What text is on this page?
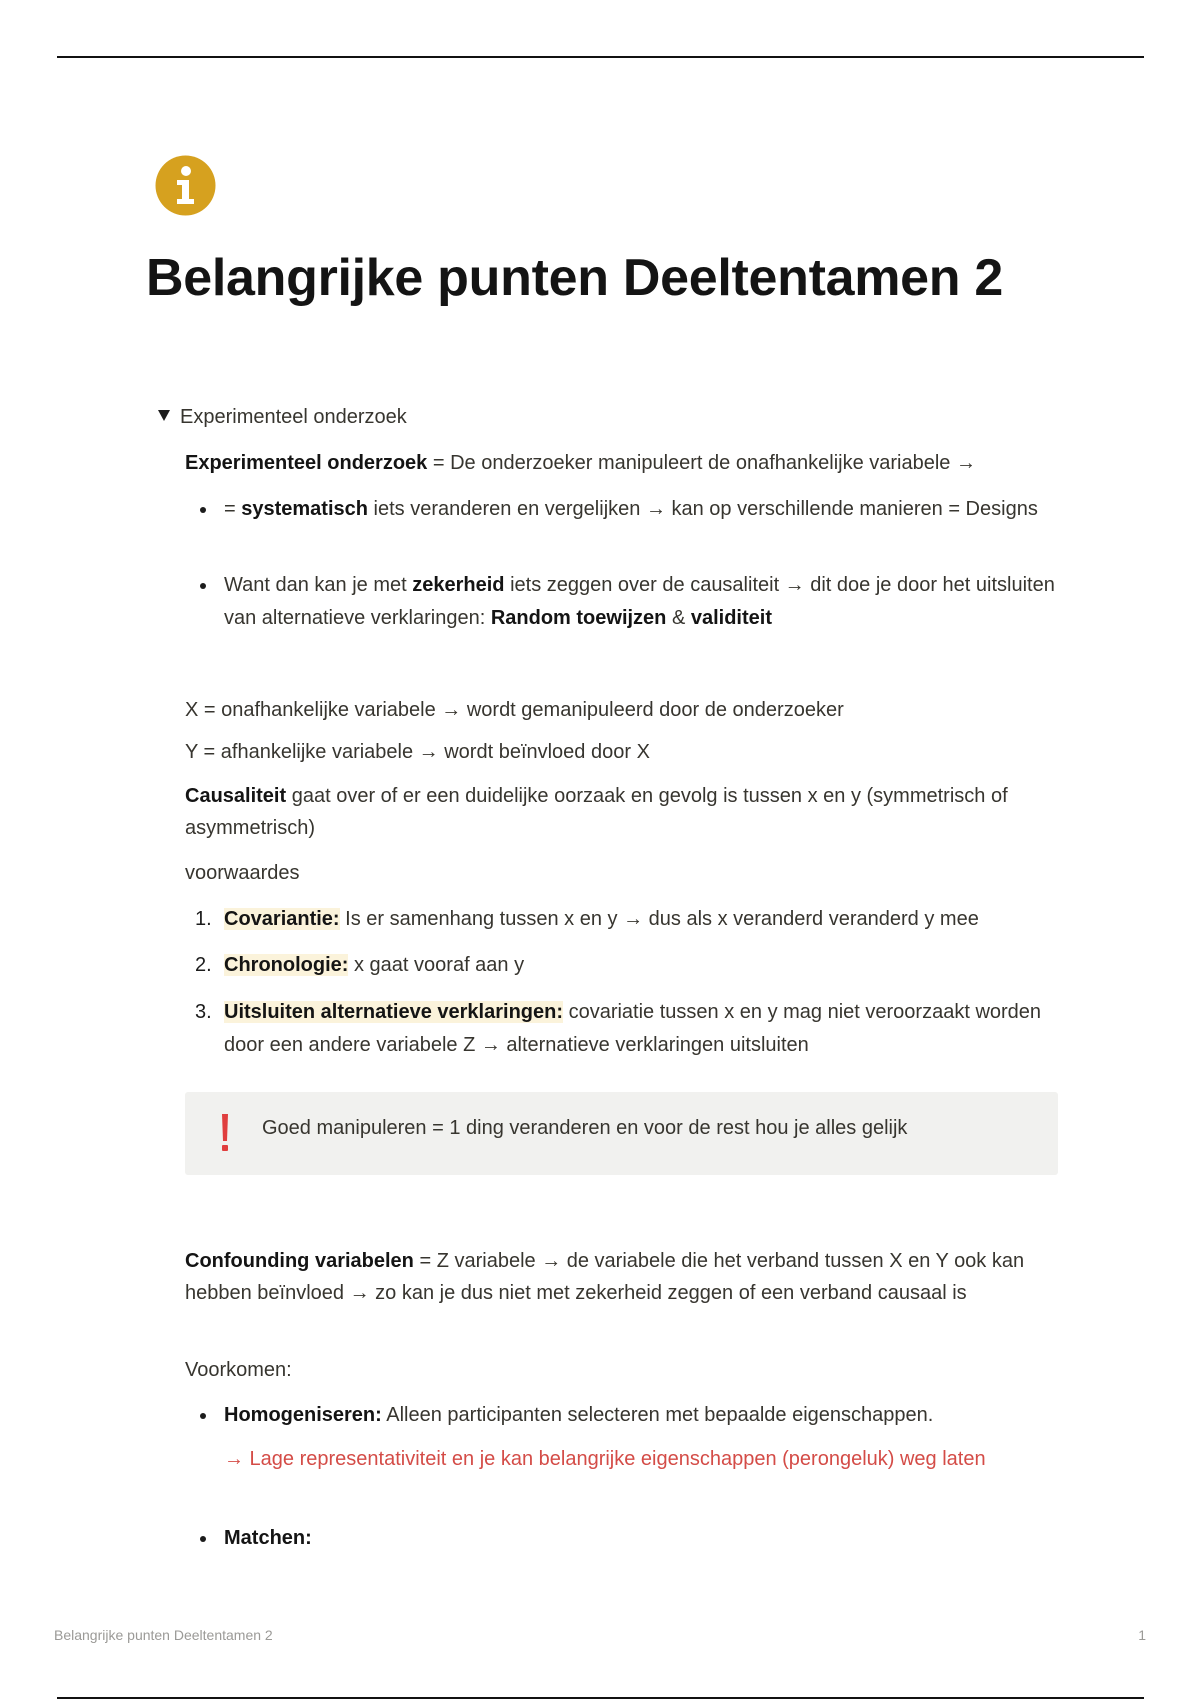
Belangrijke punten Deeltentamen 2
Experimenteel onderzoek
Experimenteel onderzoek = De onderzoeker manipuleert de onafhankelijke variabele →
= systematisch iets veranderen en vergelijken → kan op verschillende manieren = Designs
Want dan kan je met zekerheid iets zeggen over de causaliteit → dit doe je door het uitsluiten van alternatieve verklaringen: Random toewijzen & validiteit
X = onafhankelijke variabele → wordt gemanipuleerd door de onderzoeker
Y = afhankelijke variabele → wordt beïnvloed door X
Causaliteit gaat over of er een duidelijke oorzaak en gevolg is tussen x en y (symmetrisch of asymmetrisch)
voorwaardes
1. Covariantie: Is er samenhang tussen x en y → dus als x veranderd veranderd y mee
2. Chronologie: x gaat vooraf aan y
3. Uitsluiten alternatieve verklaringen: covariatie tussen x en y mag niet veroorzaakt worden door een andere variabele Z → alternatieve verklaringen uitsluiten
Goed manipuleren = 1 ding veranderen en voor de rest hou je alles gelijk
Confounding variabelen = Z variabele → de variabele die het verband tussen X en Y ook kan hebben beïnvloed → zo kan je dus niet met zekerheid zeggen of een verband causaal is
Voorkomen:
Homogeniseren: Alleen participanten selecteren met bepaalde eigenschappen.
→ Lage representativiteit en je kan belangrijke eigenschappen (perongeluk) weg laten
Matchen:
Belangrijke punten Deeltentamen 2	1
